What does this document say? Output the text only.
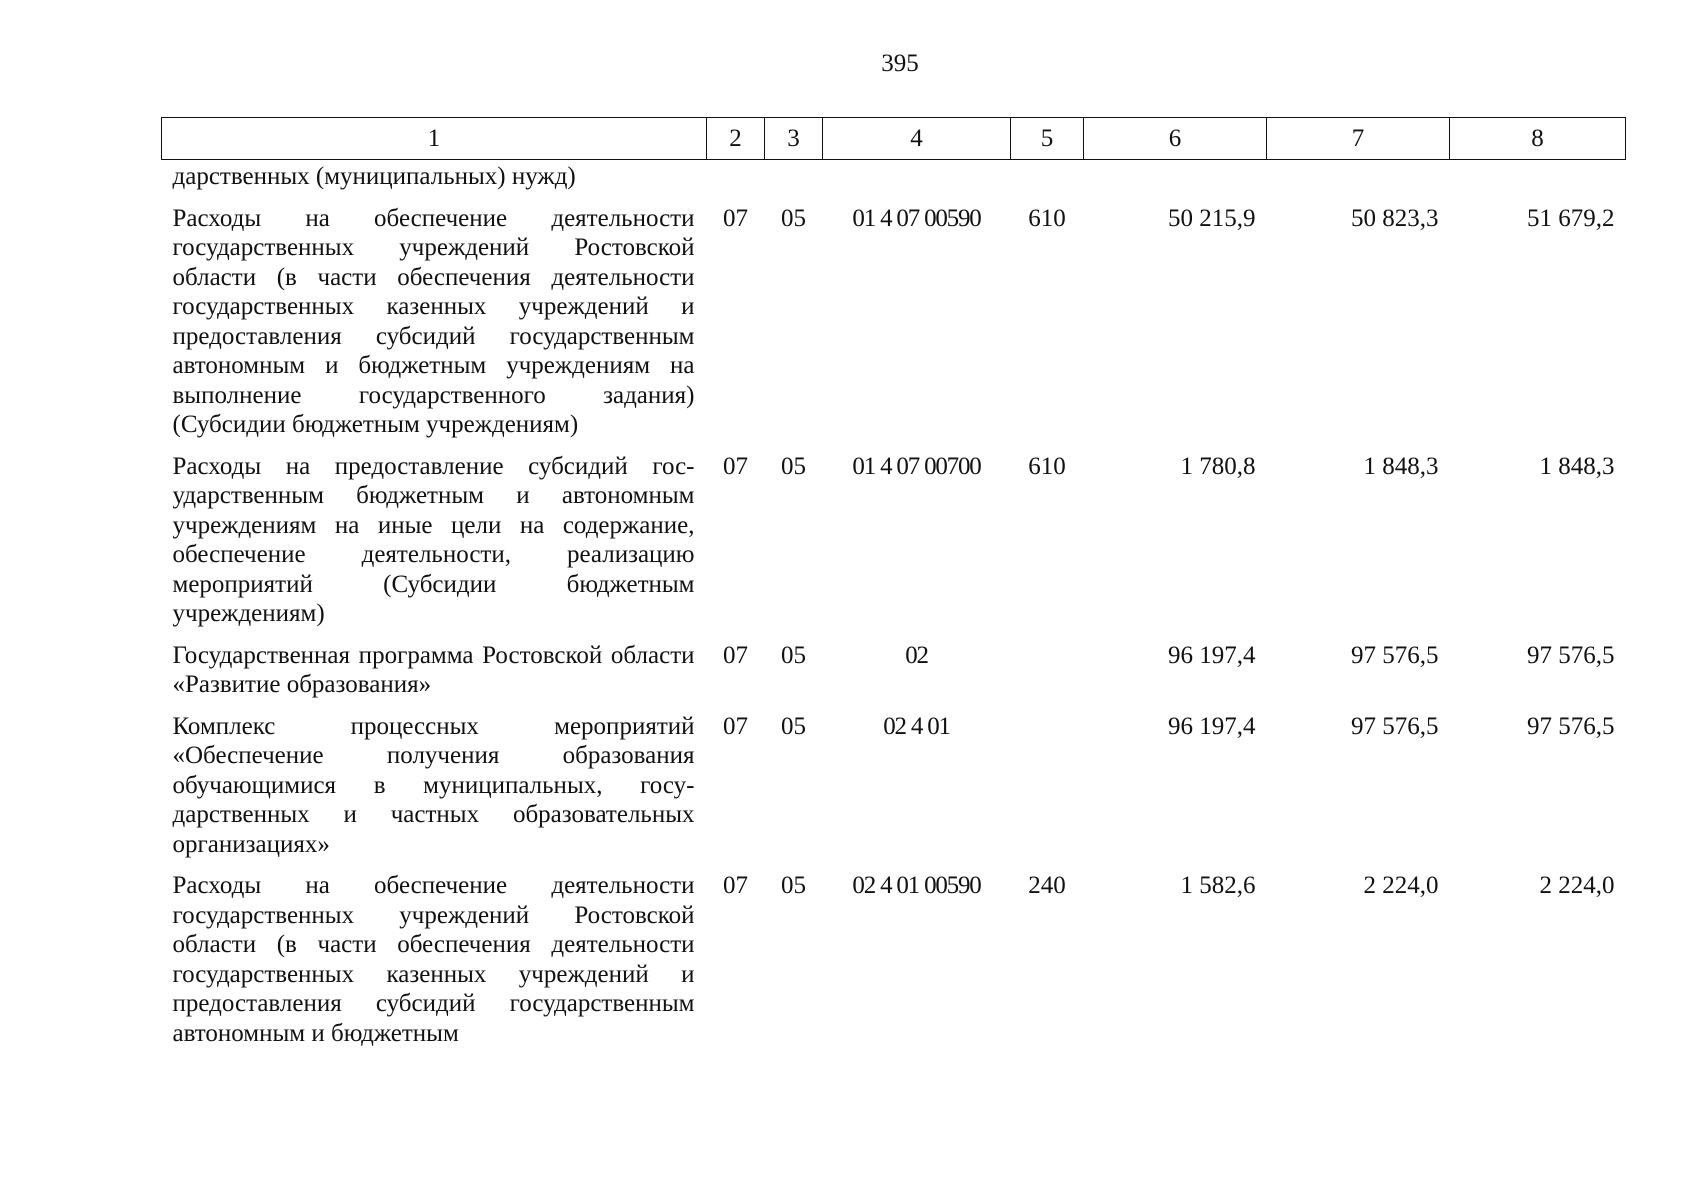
395
1	2	3	4	5	6	7	8
дарственных (муниципальных) нужд)							
Расходы на обеспечение деятельности государственных учреждений Ростовской области (в части обеспечения деятельности государственных казенных учреждений и предоставления субсидий государственным автономным и бюджетным учреждениям на выполнение государственного задания) (Субсидии бюджетным учреждениям)	07	05	01 4 07 00590	610	50 215,9	50 823,3	51 679,2
Расходы на предоставление субсидий государственным бюджетным и автономным учреждениям на иные цели на содержание, обеспечение деятельности, реализацию мероприятий (Субсидии бюджетным учреждениям)	07	05	01 4 07 00700	610	1 780,8	1 848,3	1 848,3
Государственная программа Ростовской области «Развитие образования»	07	05	02		96 197,4	97 576,5	97 576,5
Комплекс процессных мероприятий «Обеспечение получения образования обучающимися в муниципальных, государственных и частных образовательных организациях»	07	05	02 4 01		96 197,4	97 576,5	97 576,5
Расходы на обеспечение деятельности государственных учреждений Ростовской области (в части обеспечения деятельности государственных казенных учреждений и предоставления субсидий государственным автономным и бюджетным	07	05	02 4 01 00590	240	1 582,6	2 224,0	2 224,0
